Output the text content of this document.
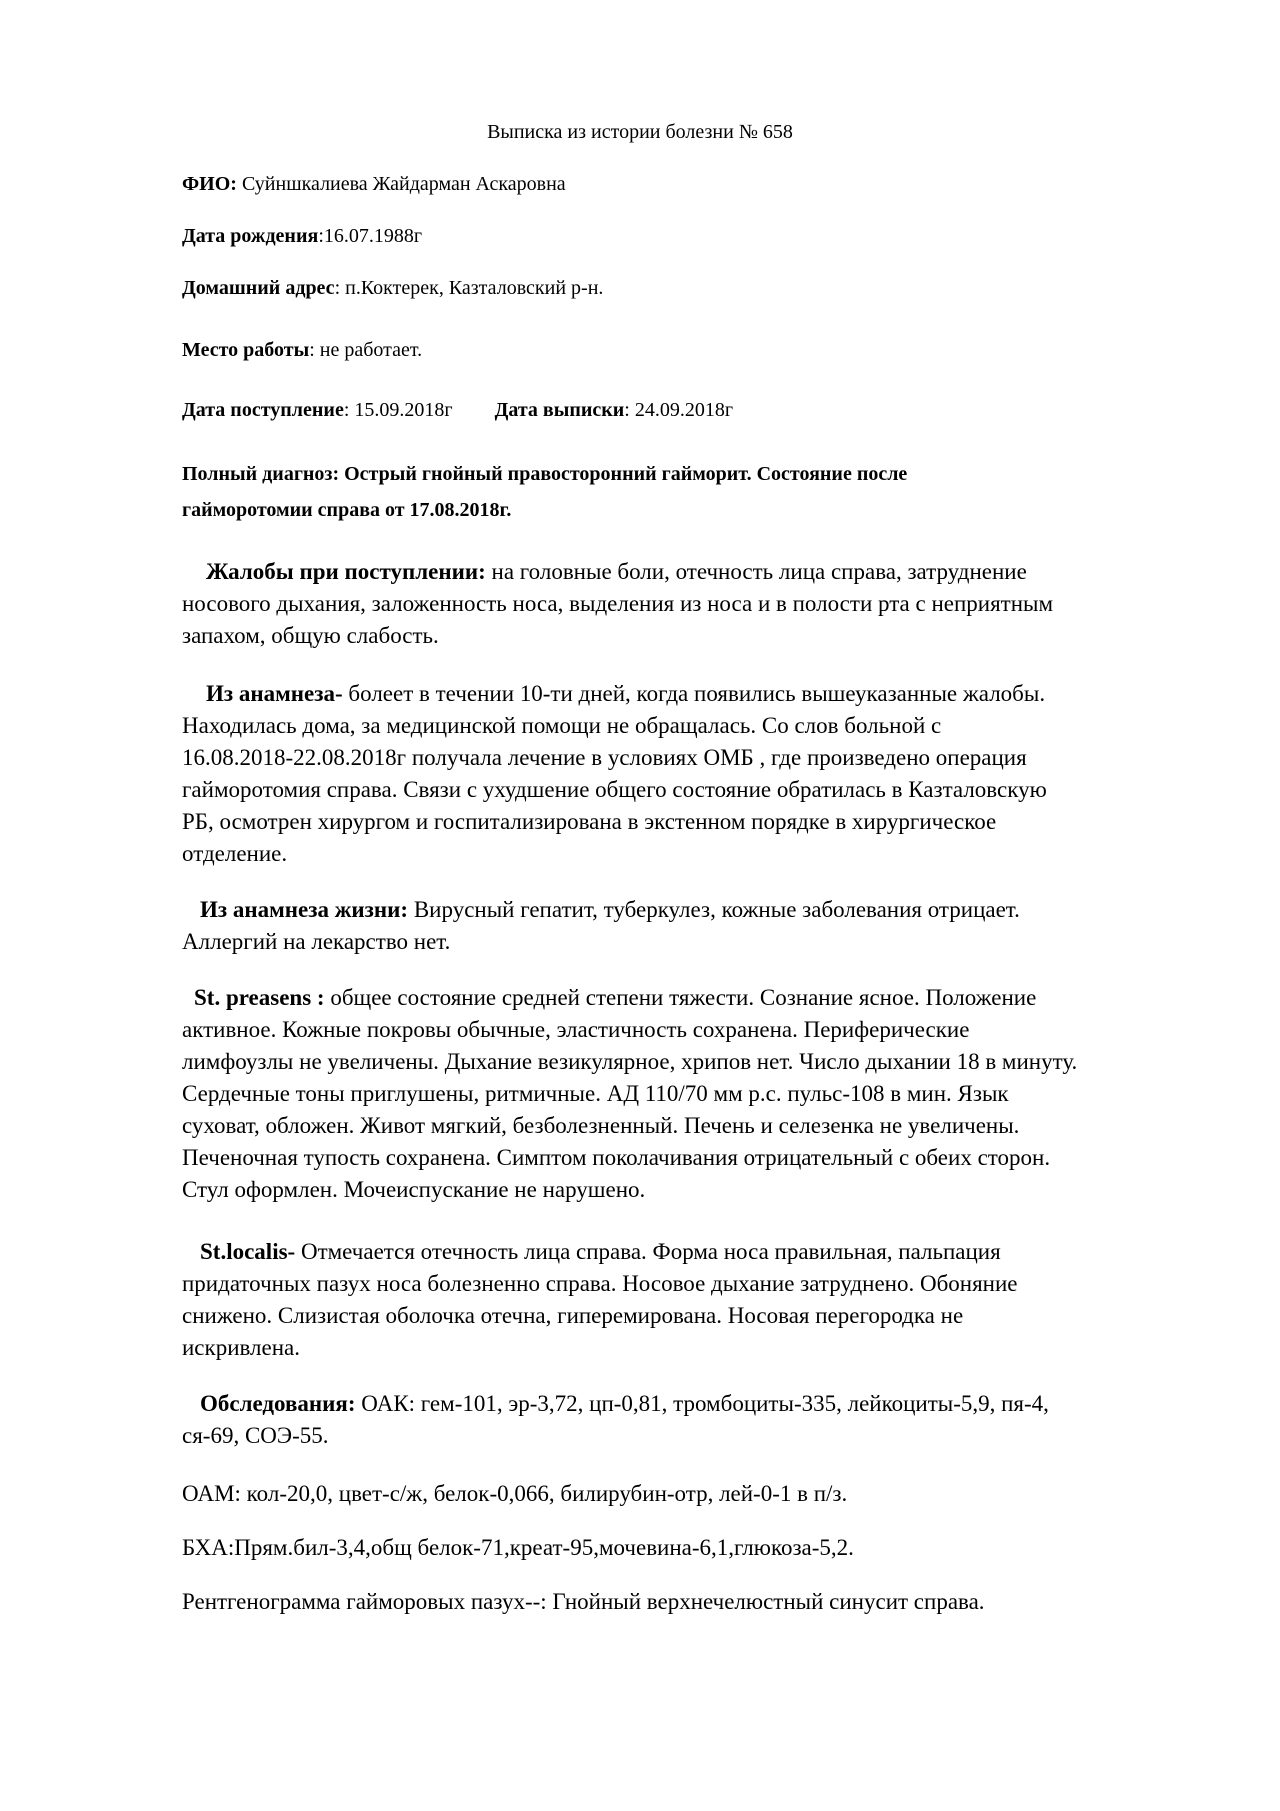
Выписка из истории болезни № 658
ФИО: Суйншкалиева Жайдарман Аскаровна
Дата рождения:16.07.1988г
Домашний адрес: п.Коктерек, Казталовский р-н.
Место работы: не работает.
Дата поступление: 15.09.2018г Дата выписки: 24.09.2018г
Полный диагноз: Острый гнойный правосторонний гайморит. Состояние после
гайморотомии справа от 17.08.2018г.
Жалобы при поступлении: на головные боли, отечность лица справа, затруднение
носового дыхания, заложенность носа, выделения из носа и в полости рта с неприятным
запахом, общую слабость.
Из анамнеза- болеет в течении 10-ти дней, когда появились вышеуказанные жалобы.
Находилась дома, за медицинской помощи не обращалась. Со слов больной с
16.08.2018-22.08.2018г получала лечение в условиях ОМБ , где произведено операция
гайморотомия справа. Связи с ухудшение общего состояние обратилась в Казталовскую
РБ, осмотрен хирургом и госпитализирована в экстенном порядке в хирургическое
отделение.
Из анамнеза жизни: Вирусный гепатит, туберкулез, кожные заболевания отрицает.
Аллергий на лекарство нет.
St. preasens : общее состояние средней степени тяжести. Сознание ясное. Положение
активное. Кожные покровы обычные, эластичность сохранена. Периферические
лимфоузлы не увеличены. Дыхание везикулярное, хрипов нет. Число дыхании 18 в минуту.
Сердечные тоны приглушены, ритмичные. АД 110/70 мм р.с. пульс-108 в мин. Язык
суховат, обложен. Живот мягкий, безболезненный. Печень и селезенка не увеличены.
Печеночная тупость сохранена. Симптом поколачивания отрицательный с обеих сторон.
Стул оформлен. Мочеиспускание не нарушено.
St.localis- Отмечается отечность лица справа. Форма носа правильная, пальпация
придаточных пазух носа болезненно справа. Носовое дыхание затруднено. Обоняние
снижено. Слизистая оболочка отечна, гиперемирована. Носовая перегородка не
искривлена.
Обследования: ОАК: гем-101, эр-3,72, цп-0,81, тромбоциты-335, лейкоциты-5,9, пя-4,
ся-69, СОЭ-55.
ОАМ: кол-20,0, цвет-с/ж, белок-0,066, билирубин-отр, лей-0-1 в п/з.
БХА:Прям.бил-3,4,общ белок-71,креат-95,мочевина-6,1,глюкоза-5,2.
Рентгенограмма гайморовых пазух--: Гнойный верхнечелюстный синусит справа.
